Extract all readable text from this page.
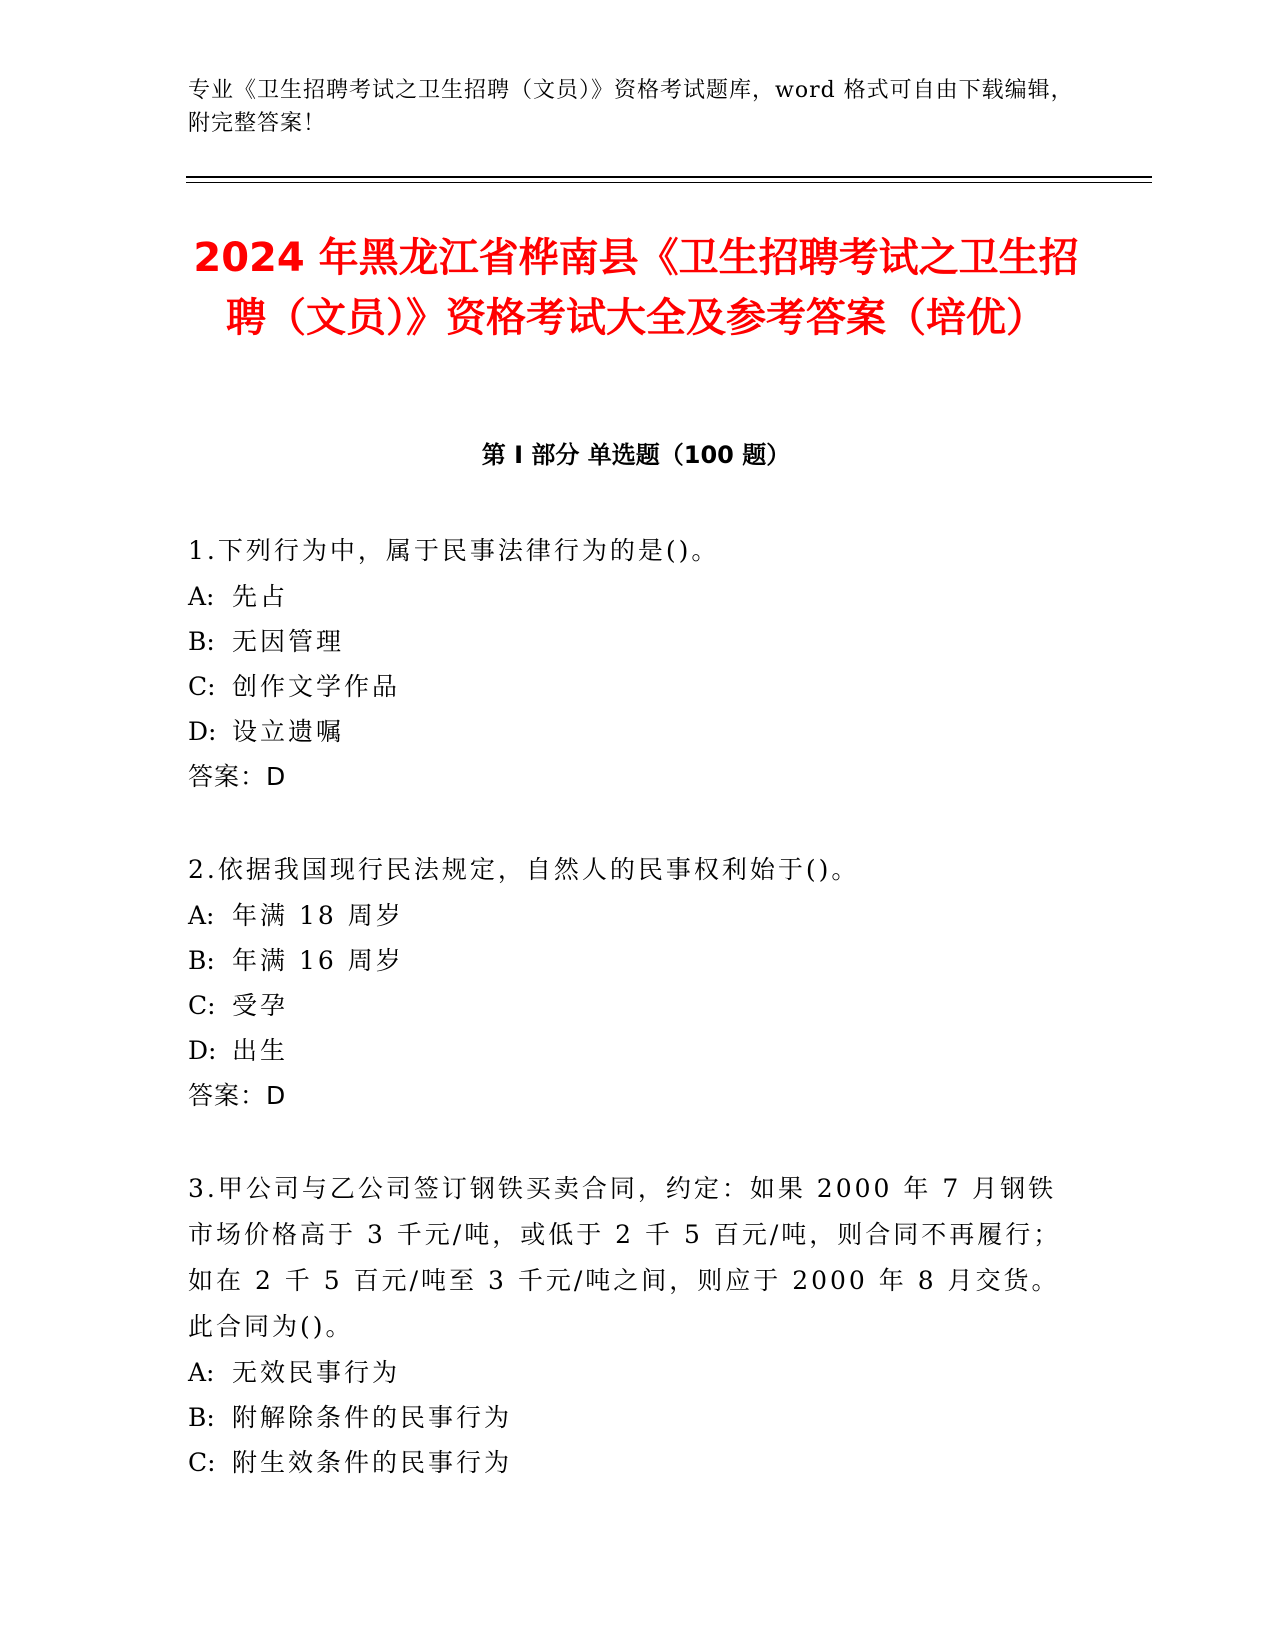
专业《卫生招聘考试之卫生招聘（文员）》资格考试题库，word 格式可自由下载编辑，附完整答案！
2024 年黑龙江省桦南县《卫生招聘考试之卫生招聘（文员）》资格考试大全及参考答案（培优）
第 I 部分 单选题（100 题）
1.下列行为中，属于民事法律行为的是()。
A: 先占
B: 无因管理
C: 创作文学作品
D: 设立遗嘱
答案：D
2.依据我国现行民法规定，自然人的民事权利始于()。
A: 年满 18 周岁
B: 年满 16 周岁
C: 受孕
D: 出生
答案：D
3.甲公司与乙公司签订钢铁买卖合同，约定：如果 2000 年 7 月钢铁市场价格高于 3 千元/吨，或低于 2 千 5 百元/吨，则合同不再履行；如在 2 千 5 百元/吨至 3 千元/吨之间，则应于 2000 年 8 月交货。此合同为()。
A: 无效民事行为
B: 附解除条件的民事行为
C: 附生效条件的民事行为
